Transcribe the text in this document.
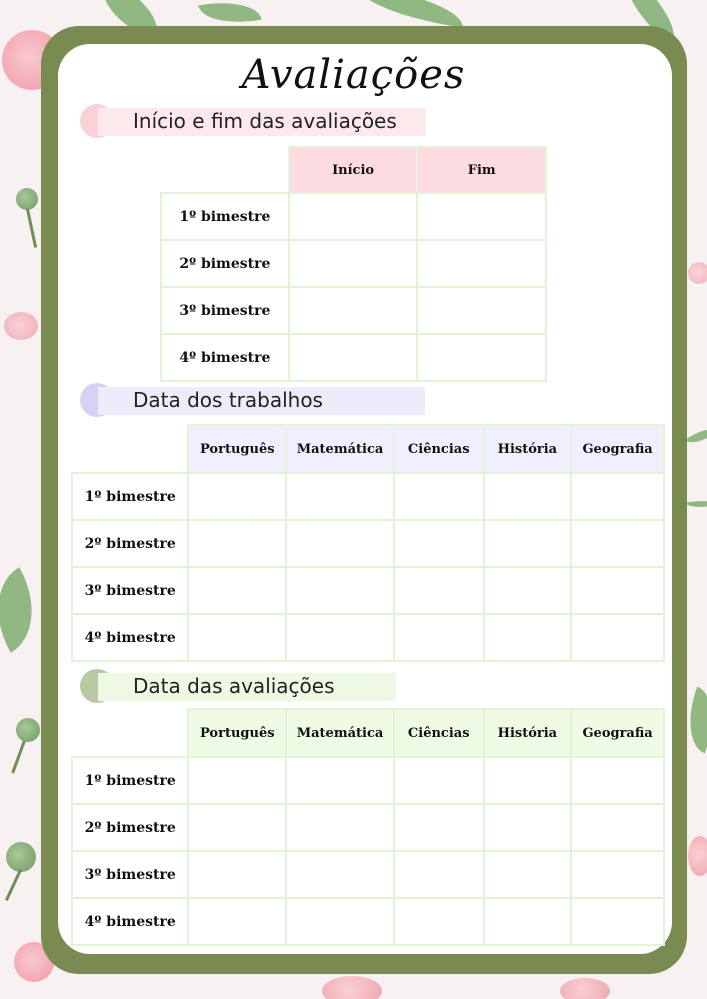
Avaliações
Início e fim das avaliações
	Início	Fim
1º bimestre		
2º bimestre		
3º bimestre		
4º bimestre		
Data dos trabalhos
	Português	Matemática	Ciências	História	Geografia
1º bimestre					
2º bimestre					
3º bimestre					
4º bimestre					
Data das avaliações
	Português	Matemática	Ciências	História	Geografia
1º bimestre					
2º bimestre					
3º bimestre					
4º bimestre					
